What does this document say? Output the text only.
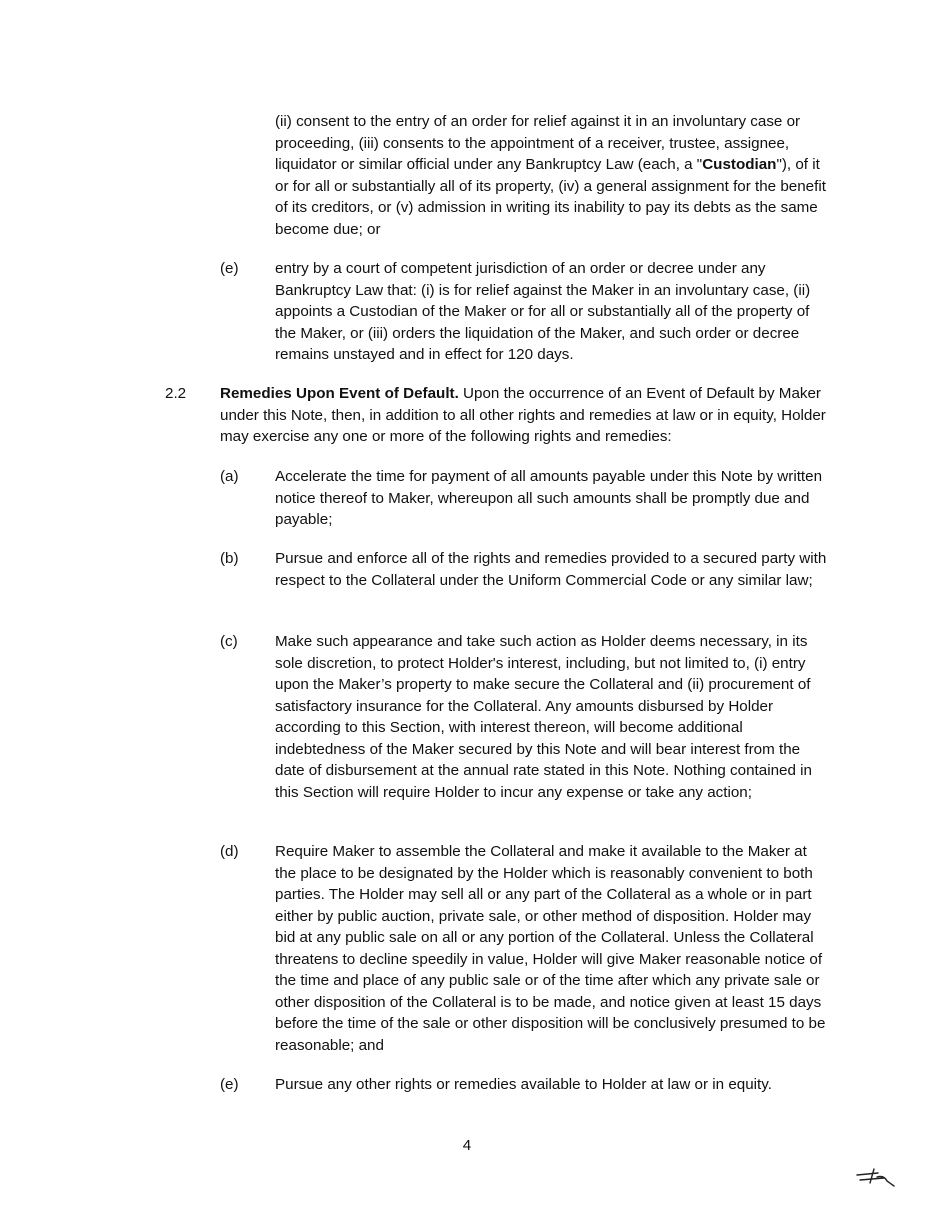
(ii) consent to the entry of an order for relief against it in an involuntary case or proceeding, (iii) consents to the appointment of a receiver, trustee, assignee, liquidator or similar official under any Bankruptcy Law (each, a "Custodian"), of it or for all or substantially all of its property, (iv) a general assignment for the benefit of its creditors, or (v) admission in writing its inability to pay its debts as the same become due; or

(e) entry by a court of competent jurisdiction of an order or decree under any Bankruptcy Law that: (i) is for relief against the Maker in an involuntary case, (ii) appoints a Custodian of the Maker or for all or substantially all of the property of the Maker, or (iii) orders the liquidation of the Maker, and such order or decree remains unstayed and in effect for 120 days.

2.2 Remedies Upon Event of Default. Upon the occurrence of an Event of Default by Maker under this Note, then, in addition to all other rights and remedies at law or in equity, Holder may exercise any one or more of the following rights and remedies:

(a) Accelerate the time for payment of all amounts payable under this Note by written notice thereof to Maker, whereupon all such amounts shall be promptly due and payable;

(b) Pursue and enforce all of the rights and remedies provided to a secured party with respect to the Collateral under the Uniform Commercial Code or any similar law;

(c) Make such appearance and take such action as Holder deems necessary, in its sole discretion, to protect Holder's interest, including, but not limited to, (i) entry upon the Maker’s property to make secure the Collateral and (ii) procurement of satisfactory insurance for the Collateral. Any amounts disbursed by Holder according to this Section, with interest thereon, will become additional indebtedness of the Maker secured by this Note and will bear interest from the date of disbursement at the annual rate stated in this Note. Nothing contained in this Section will require Holder to incur any expense or take any action;

(d) Require Maker to assemble the Collateral and make it available to the Maker at the place to be designated by the Holder which is reasonably convenient to both parties. The Holder may sell all or any part of the Collateral as a whole or in part either by public auction, private sale, or other method of disposition. Holder may bid at any public sale on all or any portion of the Collateral. Unless the Collateral threatens to decline speedily in value, Holder will give Maker reasonable notice of the time and place of any public sale or of the time after which any private sale or other disposition of the Collateral is to be made, and notice given at least 15 days before the time of the sale or other disposition will be conclusively presumed to be reasonable; and

(e) Pursue any other rights or remedies available to Holder at law or in equity.

4
